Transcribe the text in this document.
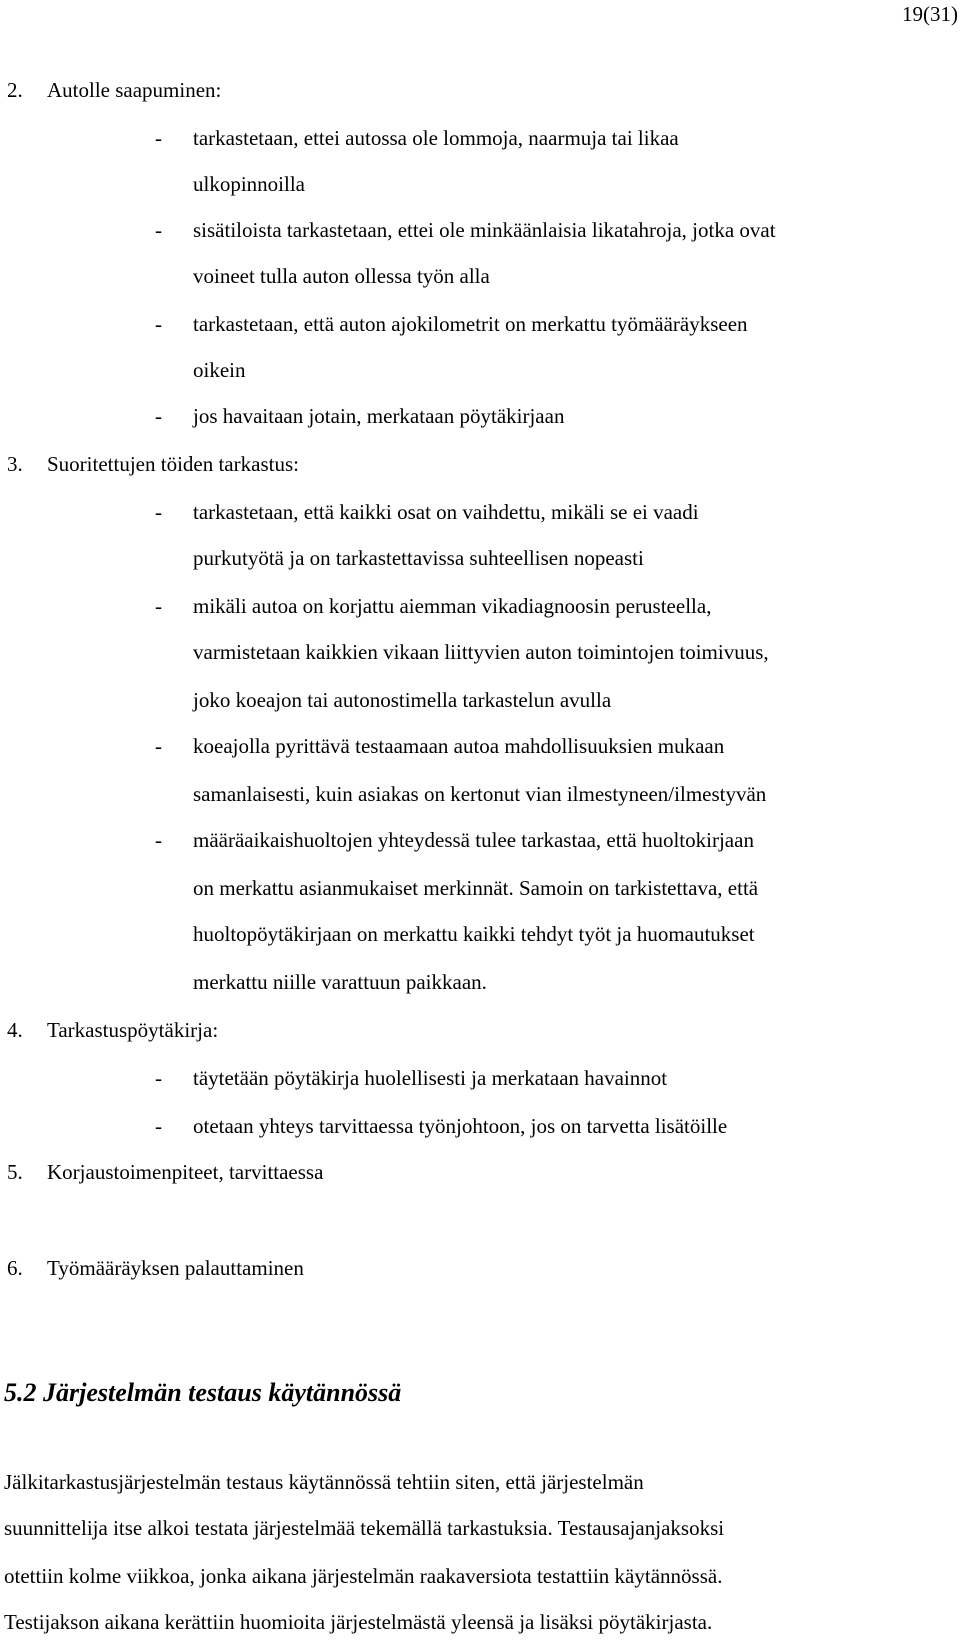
19(31)
2. Autolle saapuminen:
- tarkastetaan, ettei autossa ole lommoja, naarmuja tai likaa
ulkopinnoilla
- sisätiloista tarkastetaan, ettei ole minkäänlaisia likatahroja, jotka ovat
voineet tulla auton ollessa työn alla
- tarkastetaan, että auton ajokilometrit on merkattu työmääräykseen
oikein
- jos havaitaan jotain, merkataan pöytäkirjaan
3. Suoritettujen töiden tarkastus:
- tarkastetaan, että kaikki osat on vaihdettu, mikäli se ei vaadi
purkutyötä ja on tarkastettavissa suhteellisen nopeasti
- mikäli autoa on korjattu aiemman vikadiagnoosin perusteella,
varmistetaan kaikkien vikaan liittyvien auton toimintojen toimivuus,
joko koeajon tai autonostimella tarkastelun avulla
- koeajolla pyrittävä testaamaan autoa mahdollisuuksien mukaan
samanlaisesti, kuin asiakas on kertonut vian ilmestyneen/ilmestyvän
- määräaikaishuoltojen yhteydessä tulee tarkastaa, että huoltokirjaan
on merkattu asianmukaiset merkinnät. Samoin on tarkistettava, että
huoltopöytäkirjaan on merkattu kaikki tehdyt työt ja huomautukset
merkattu niille varattuun paikkaan.
4. Tarkastuspöytäkirja:
- täytetään pöytäkirja huolellisesti ja merkataan havainnot
- otetaan yhteys tarvittaessa työnjohtoon, jos on tarvetta lisätöille
5. Korjaustoimenpiteet, tarvittaessa
6. Työmääräyksen palauttaminen
5.2 Järjestelmän testaus käytännössä
Jälkitarkastusjärjestelmän testaus käytännössä tehtiin siten, että järjestelmän
suunnittelija itse alkoi testata järjestelmää tekemällä tarkastuksia. Testausajanjaksoksi
otettiin kolme viikkoa, jonka aikana järjestelmän raakaversiota testattiin käytännössä.
Testijakson aikana kerättiin huomioita järjestelmästä yleensä ja lisäksi pöytäkirjasta.
